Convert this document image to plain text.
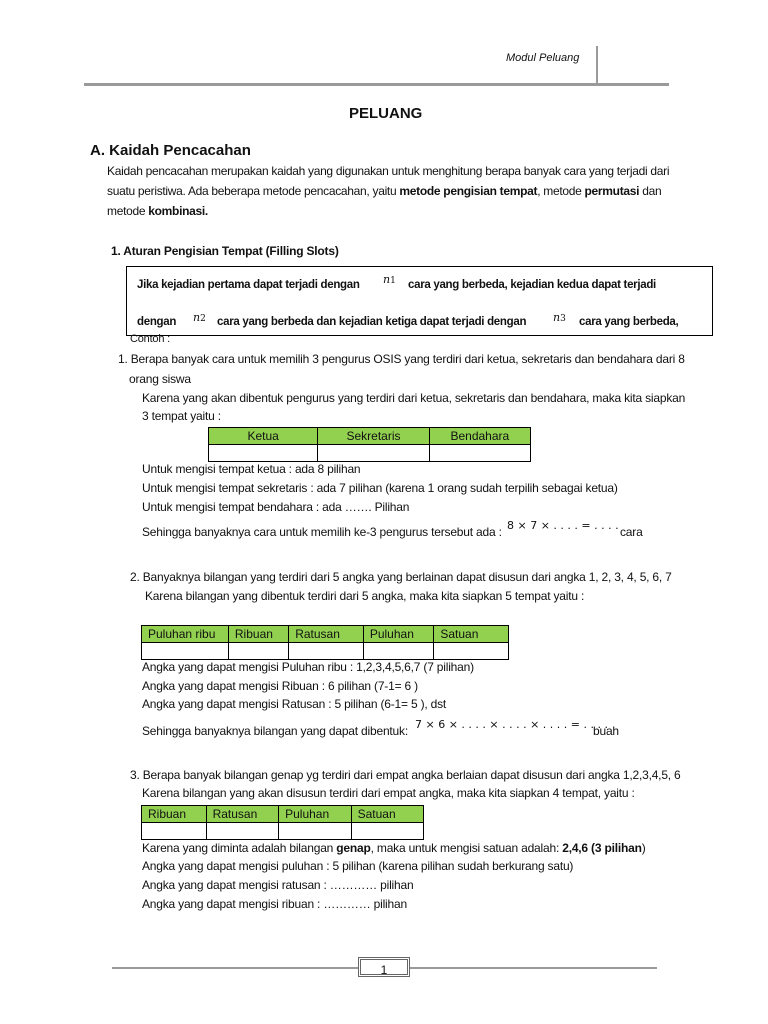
Modul Peluang
PELUANG
A. Kaidah Pencacahan
Kaidah pencacahan merupakan kaidah yang digunakan untuk menghitung berapa banyak cara yang terjadi dari
suatu peristiwa. Ada beberapa metode pencacahan, yaitu metode pengisian tempat, metode permutasi dan
metode kombinasi.
1. Aturan Pengisian Tempat (Filling Slots)
Jika kejadian pertama dapat terjadi dengan n1 cara yang berbeda, kejadian kedua dapat terjadi
dengan n2 cara yang berbeda dan kejadian ketiga dapat terjadi dengan n3 cara yang berbeda,
Contoh :
1. Berapa banyak cara untuk memilih 3 pengurus OSIS yang terdiri dari ketua, sekretaris dan bendahara dari 8
orang siswa
Karena yang akan dibentuk pengurus yang terdiri dari ketua, sekretaris dan bendahara, maka kita siapkan
3 tempat yaitu :
Ketua	Sekretaris	Bendahara

Untuk mengisi tempat ketua : ada 8 pilihan
Untuk mengisi tempat sekretaris : ada 7 pilihan (karena 1 orang sudah terpilih sebagai ketua)
Untuk mengisi tempat bendahara : ada ……. Pilihan
Sehingga banyaknya cara untuk memilih ke-3 pengurus tersebut ada : 8 × 7 × . . . . = . . . . cara
2. Banyaknya bilangan yang terdiri dari 5 angka yang berlainan dapat disusun dari angka 1, 2, 3, 4, 5, 6, 7
Karena bilangan yang dibentuk terdiri dari 5 angka, maka kita siapkan 5 tempat yaitu :
Puluhan ribu	Ribuan	Ratusan	Puluhan	Satuan

Angka yang dapat mengisi Puluhan ribu : 1,2,3,4,5,6,7 (7 pilihan)
Angka yang dapat mengisi Ribuan : 6 pilihan (7-1= 6 )
Angka yang dapat mengisi Ratusan : 5 pilihan (6-1= 5 ), dst
Sehingga banyaknya bilangan yang dapat dibentuk: 7 × 6 × . . . . × . . . . × . . . . = . . . .
buah
3. Berapa banyak bilangan genap yg terdiri dari empat angka berlaian dapat disusun dari angka 1,2,3,4,5, 6
Karena bilangan yang akan disusun terdiri dari empat angka, maka kita siapkan 4 tempat, yaitu :
Ribuan	Ratusan	Puluhan	Satuan

Karena yang diminta adalah bilangan genap, maka untuk mengisi satuan adalah: 2,4,6 (3 pilihan)
Angka yang dapat mengisi puluhan : 5 pilihan (karena pilihan sudah berkurang satu)
Angka yang dapat mengisi ratusan : ………… pilihan
Angka yang dapat mengisi ribuan : ………… pilihan
1
